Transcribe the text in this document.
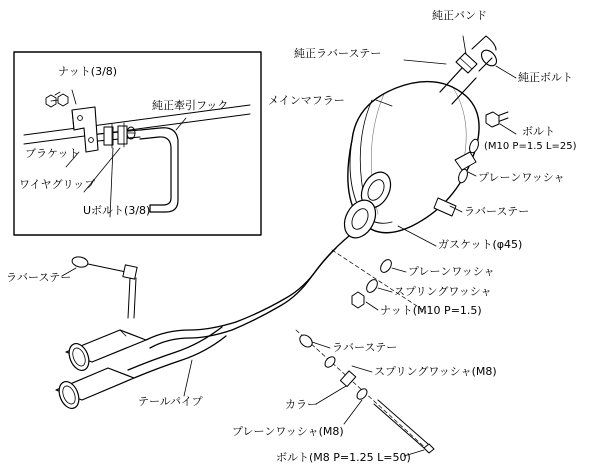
ナット(3/8)
純正牽引フック
ブラケット
ワイヤグリップ
Uボルト(3/8)
純正バンド
純正ラバーステー
純正ボルト
メインマフラー
ボルト
(M10 P=1.5 L=25)
プレーンワッシャ
ラバーステー
ガスケット(φ45)
プレーンワッシャ
スプリングワッシャ
ナット(M10 P=1.5)
ラバーステー
スプリングワッシャ(M8)
カラー
プレーンワッシャ(M8)
ボルト(M8 P=1.25 L=50)
ラバーステー
テールパイプ
